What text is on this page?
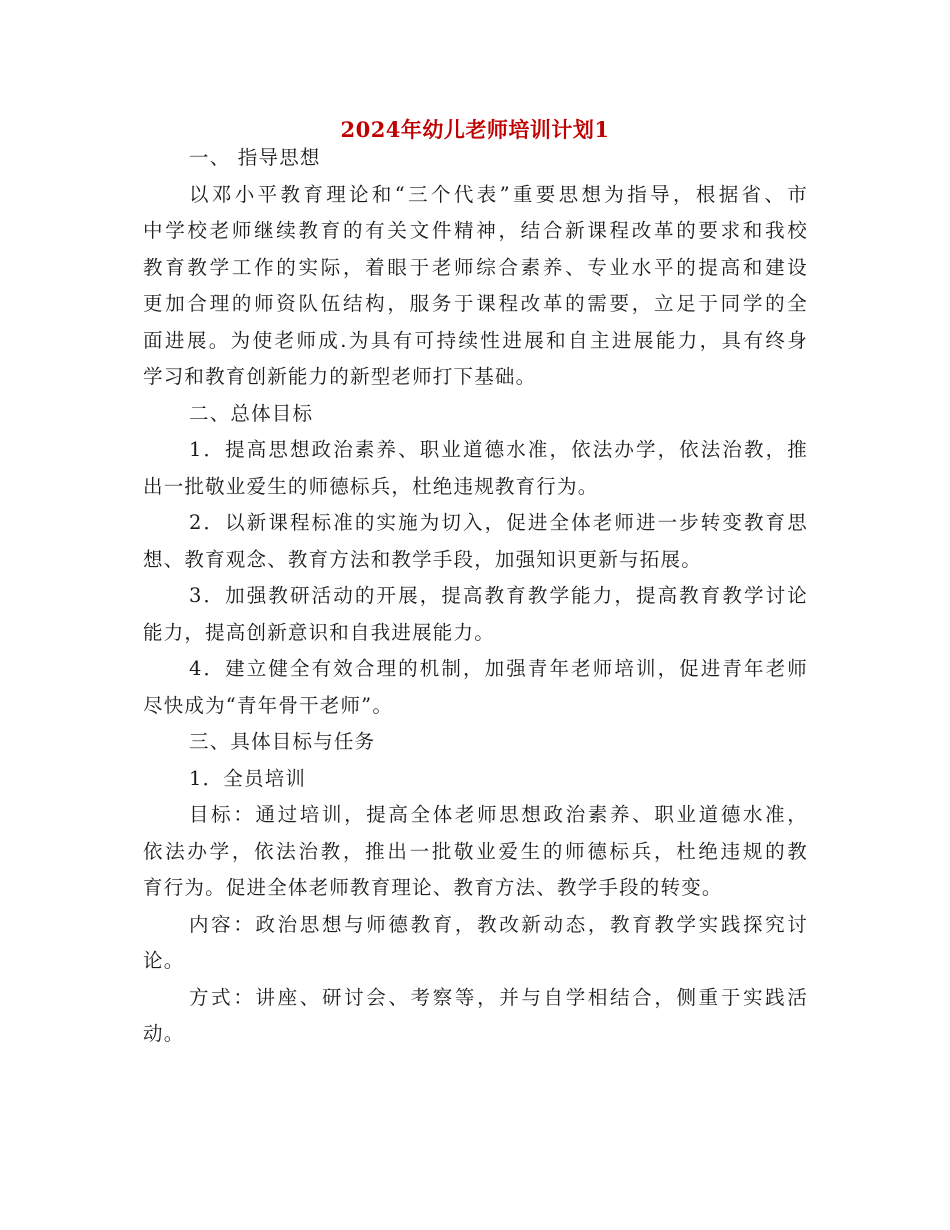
2024年幼儿老师培训计划1
一、 指导思想
以邓小平教育理论和“三个代表”重要思想为指导，根据省、市
中学校老师继续教育的有关文件精神，结合新课程改革的要求和我校
教育教学工作的实际，着眼于老师综合素养、专业水平的提高和建设
更加合理的师资队伍结构，服务于课程改革的需要，立足于同学的全
面进展。为使老师成.为具有可持续性进展和自主进展能力，具有终身
学习和教育创新能力的新型老师打下基础。
二、总体目标
1．提高思想政治素养、职业道德水准，依法办学，依法治教，推
出一批敬业爱生的师德标兵，杜绝违规教育行为。
2．以新课程标准的实施为切入，促进全体老师进一步转变教育思
想、教育观念、教育方法和教学手段，加强知识更新与拓展。
3．加强教研活动的开展，提高教育教学能力，提高教育教学讨论
能力，提高创新意识和自我进展能力。
4．建立健全有效合理的机制，加强青年老师培训，促进青年老师
尽快成为“青年骨干老师”。
三、具体目标与任务
1．全员培训
目标：通过培训，提高全体老师思想政治素养、职业道德水准，
依法办学，依法治教，推出一批敬业爱生的师德标兵，杜绝违规的教
育行为。促进全体老师教育理论、教育方法、教学手段的转变。
内容：政治思想与师德教育，教改新动态，教育教学实践探究讨
论。
方式：讲座、研讨会、考察等，并与自学相结合，侧重于实践活
动。
